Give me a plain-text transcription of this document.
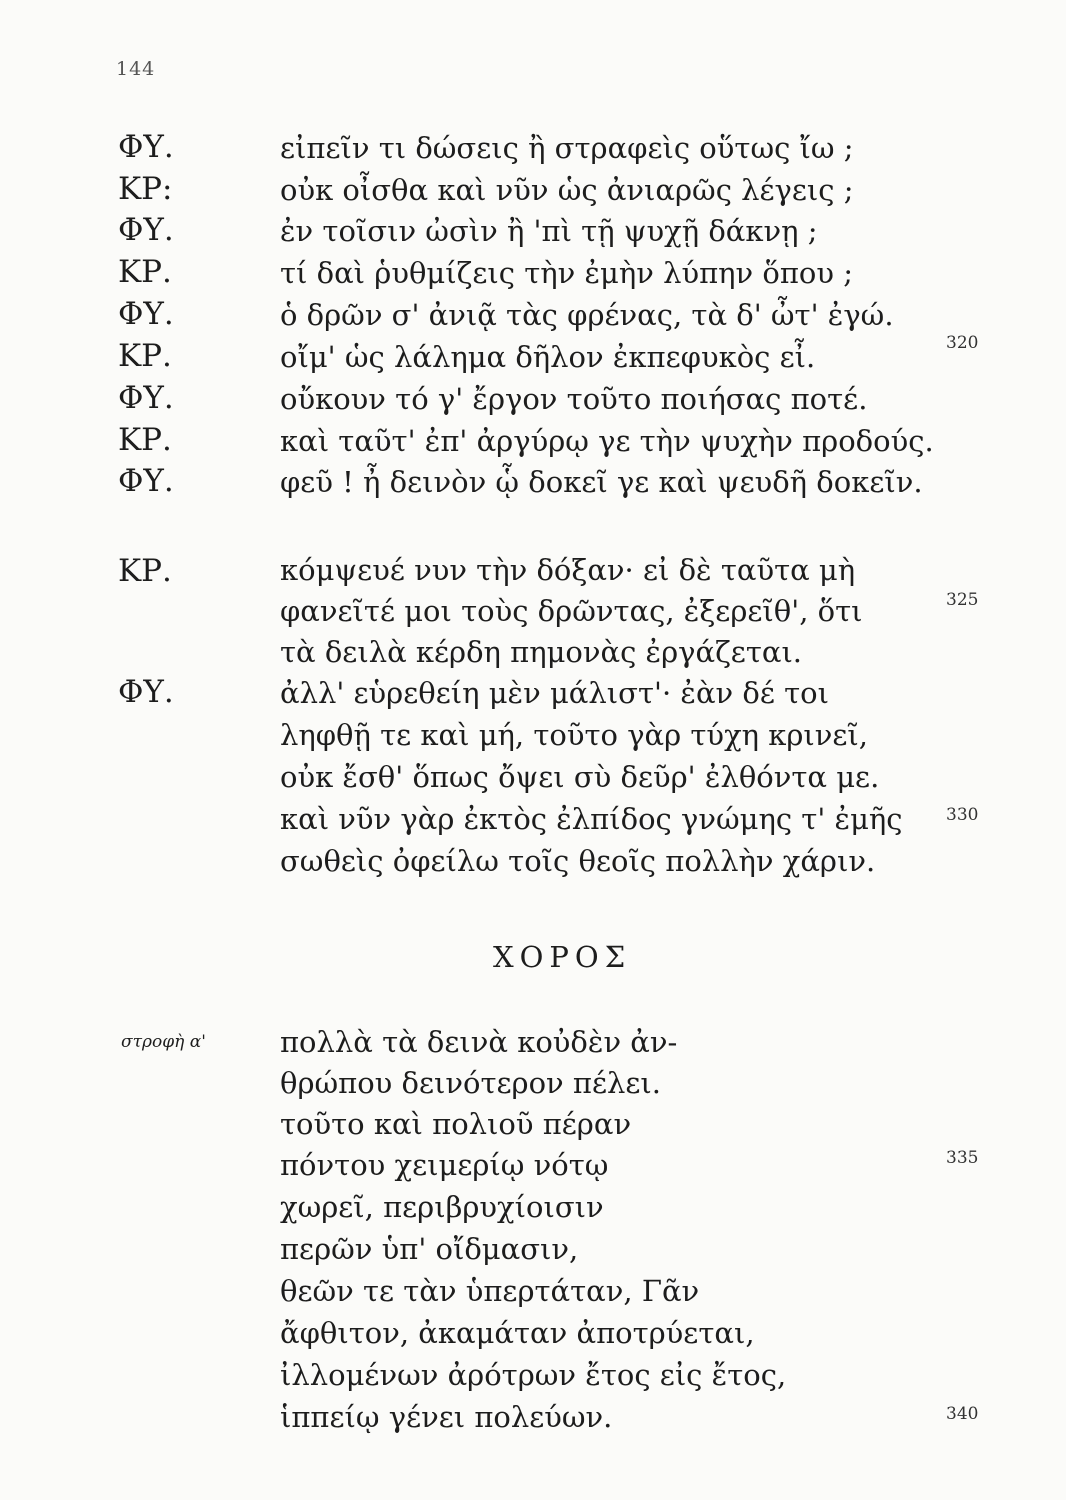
144
ΦΥ.	εἰπεῖν τι δώσεις ἢ στραφεὶς οὕτως ἴω ;
ΚΡ:	οὐκ οἶσθα καὶ νῦν ὡς ἀνιαρῶς λέγεις ;
ΦΥ.	ἐν τοῖσιν ὠσὶν ἢ 'πὶ τῇ ψυχῇ δάκνῃ ;
ΚΡ.	τί δαὶ ῥυθμίζεις τὴν ἐμὴν λύπην ὅπου ;
ΦΥ.	ὁ δρῶν σ' ἀνιᾷ τὰς φρένας, τὰ δ' ὦτ' ἐγώ.
ΚΡ.	οἴμ' ὡς λάλημα δῆλον ἐκπεφυκὸς εἶ.	320
ΦΥ.	οὔκουν τό γ' ἔργον τοῦτο ποιήσας ποτέ.
ΚΡ.	καὶ ταῦτ' ἐπ' ἀργύρῳ γε τὴν ψυχὴν προδούς.
ΦΥ.	φεῦ ! ἦ δεινὸν ᾧ δοκεῖ γε καὶ ψευδῆ δοκεῖν.
ΚΡ.	κόμψευέ νυν τὴν δόξαν· εἰ δὲ ταῦτα μὴ
φανεῖτέ μοι τοὺς δρῶντας, ἐξερεῖθ', ὅτι	325
τὰ δειλὰ κέρδη πημονὰς ἐργάζεται.
ΦΥ.	ἀλλ' εὑρεθείη μὲν μάλιστ'· ἐὰν δέ τοι
ληφθῇ τε καὶ μή, τοῦτο γὰρ τύχη κρινεῖ,
οὐκ ἔσθ' ὅπως ὄψει σὺ δεῦρ' ἐλθόντα με.
καὶ νῦν γὰρ ἐκτὸς ἐλπίδος γνώμης τ' ἐμῆς	330
σωθεὶς ὀφείλω τοῖς θεοῖς πολλὴν χάριν.
ΧΟΡΟΣ
στροφὴ α'	πολλὰ τὰ δεινὰ κοὐδὲν ἀν-
θρώπου δεινότερον πέλει.
τοῦτο καὶ πολιοῦ πέραν
πόντου χειμερίῳ νότῳ	335
χωρεῖ, περιβρυχίοισιν
περῶν ὑπ' οἴδμασιν,
θεῶν τε τὰν ὑπερτάταν, Γᾶν
ἄφθιτον, ἀκαμάταν ἀποτρύεται,
ἰλλομένων ἀρότρων ἔτος εἰς ἔτος,
ἱππείῳ γένει πολεύων.	340
